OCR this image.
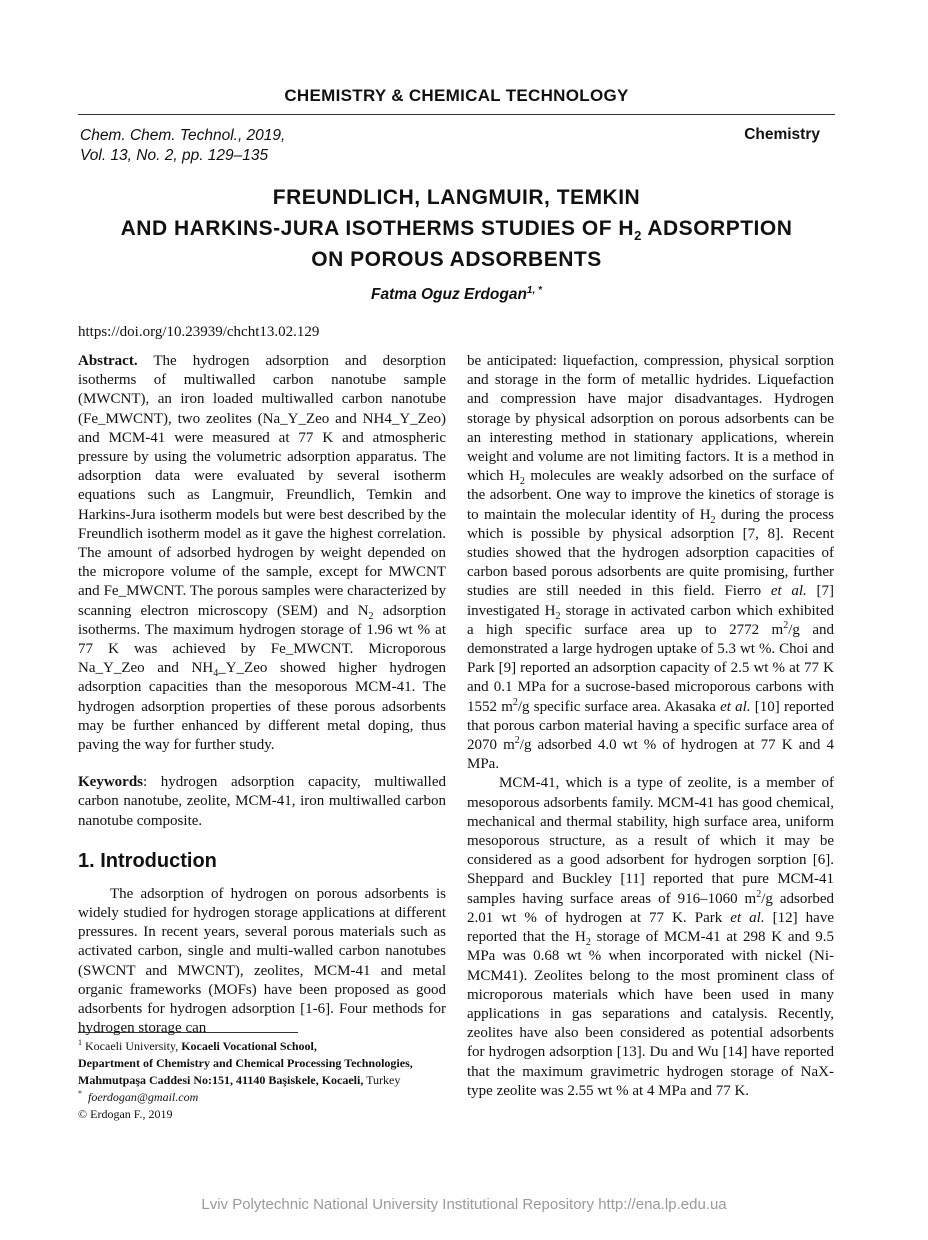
CHEMISTRY & CHEMICAL TECHNOLOGY
Chem. Chem. Technol., 2019,
Vol. 13, No. 2, pp. 129–135
Chemistry
FREUNDLICH, LANGMUIR, TEMKIN
AND HARKINS-JURA ISOTHERMS STUDIES OF $H_2$ ADSORPTION
ON POROUS ADSORBENTS
Fatma Oguz Erdogan$^{1, *}$
https://doi.org/10.23939/chcht13.02.129

Abstract. The hydrogen adsorption and desorption isotherms of multiwalled carbon nanotube sample (MWCNT), an iron loaded multiwalled carbon nanotube (Fe_MWCNT), two zeolites (Na_Y_Zeo and NH4_Y_Zeo) and MCM-41 were measured at 77 K and atmospheric pressure by using the volumetric adsorption apparatus. The adsorption data were evaluated by several isotherm equations such as Langmuir, Freundlich, Temkin and Harkins-Jura isotherm models but were best described by the Freundlich isotherm model as it gave the highest correlation. The amount of adsorbed hydrogen by weight depended on the micropore volume of the sample, except for MWCNT and Fe_MWCNT. The porous samples were characterized by scanning electron microscopy (SEM) and $N_2$ adsorption isotherms. The maximum hydrogen storage of 1.96 wt % at 77 K was achieved by Fe_MWCNT. Microporous Na_Y_Zeo and $NH_4\_Y\_Zeo$ showed higher hydrogen adsorption capacities than the mesoporous MCM-41. The hydrogen adsorption properties of these porous adsorbents may be further enhanced by different metal doping, thus paving the way for further study.

Keywords: hydrogen adsorption capacity, multiwalled carbon nanotube, zeolite, MCM-41, iron multiwalled carbon nanotube composite.

1. Introduction

The adsorption of hydrogen on porous adsorbents is widely studied for hydrogen storage applications at different pressures. In recent years, several porous materials such as activated carbon, single and multi-walled carbon nanotubes (SWCNT and MWCNT), zeolites, MCM-41 and metal organic frameworks (MOFs) have been proposed as good adsorbents for hydrogen adsorption [1-6]. Four methods for hydrogen storage can

be anticipated: liquefaction, compression, physical sorption and storage in the form of metallic hydrides. Liquefaction and compression have major disadvantages. Hydrogen storage by physical adsorption on porous adsorbents can be an interesting method in stationary applications, wherein weight and volume are not limiting factors. It is a method in which $H_2$ molecules are weakly adsorbed on the surface of the adsorbent. One way to improve the kinetics of storage is to maintain the molecular identity of $H_2$ during the process which is possible by physical adsorption [7, 8]. Recent studies showed that the hydrogen adsorption capacities of carbon based porous adsorbents are quite promising, further studies are still needed in this field. Fierro et al. [7] investigated $H_2$ storage in activated carbon which exhibited a high specific surface area up to 2772 $m^2/g$ and demonstrated a large hydrogen uptake of 5.3 wt %. Choi and Park [9] reported an adsorption capacity of 2.5 wt % at 77 K and 0.1 MPa for a sucrose-based microporous carbons with 1552 $m^2/g$ specific surface area. Akasaka et al. [10] reported that porous carbon material having a specific surface area of 2070 $m^2/g$ adsorbed 4.0 wt % of hydrogen at 77 K and 4 MPa.

MCM-41, which is a type of zeolite, is a member of mesoporous adsorbents family. MCM-41 has good chemical, mechanical and thermal stability, high surface area, uniform mesoporous structure, as a result of which it may be considered as a good adsorbent for hydrogen sorption [6]. Sheppard and Buckley [11] reported that pure MCM-41 samples having surface areas of 916–1060 $m^2/g$ adsorbed 2.01 wt % of hydrogen at 77 K. Park et al. [12] have reported that the $H_2$ storage of MCM-41 at 298 K and 9.5 MPa was 0.68 wt % when incorporated with nickel (Ni-MCM41). Zeolites belong to the most prominent class of microporous materials which have been used in many applications in gas separations and catalysis. Recently, zeolites have also been considered as potential adsorbents for hydrogen adsorption [13]. Du and Wu [14] have reported that the maximum gravimetric hydrogen storage of NaX-type zeolite was 2.55 wt % at 4 MPa and 77 K.

$^1$ Kocaeli University, Kocaeli Vocational School,
Department of Chemistry and Chemical Processing Technologies,
Mahmutpaşa Caddesi No:151, 41140 Başiskele, Kocaeli, Turkey
* foerdogan@gmail.com
© Erdogan F., 2019
Lviv Polytechnic National University Institutional Repository http://ena.lp.edu.ua
